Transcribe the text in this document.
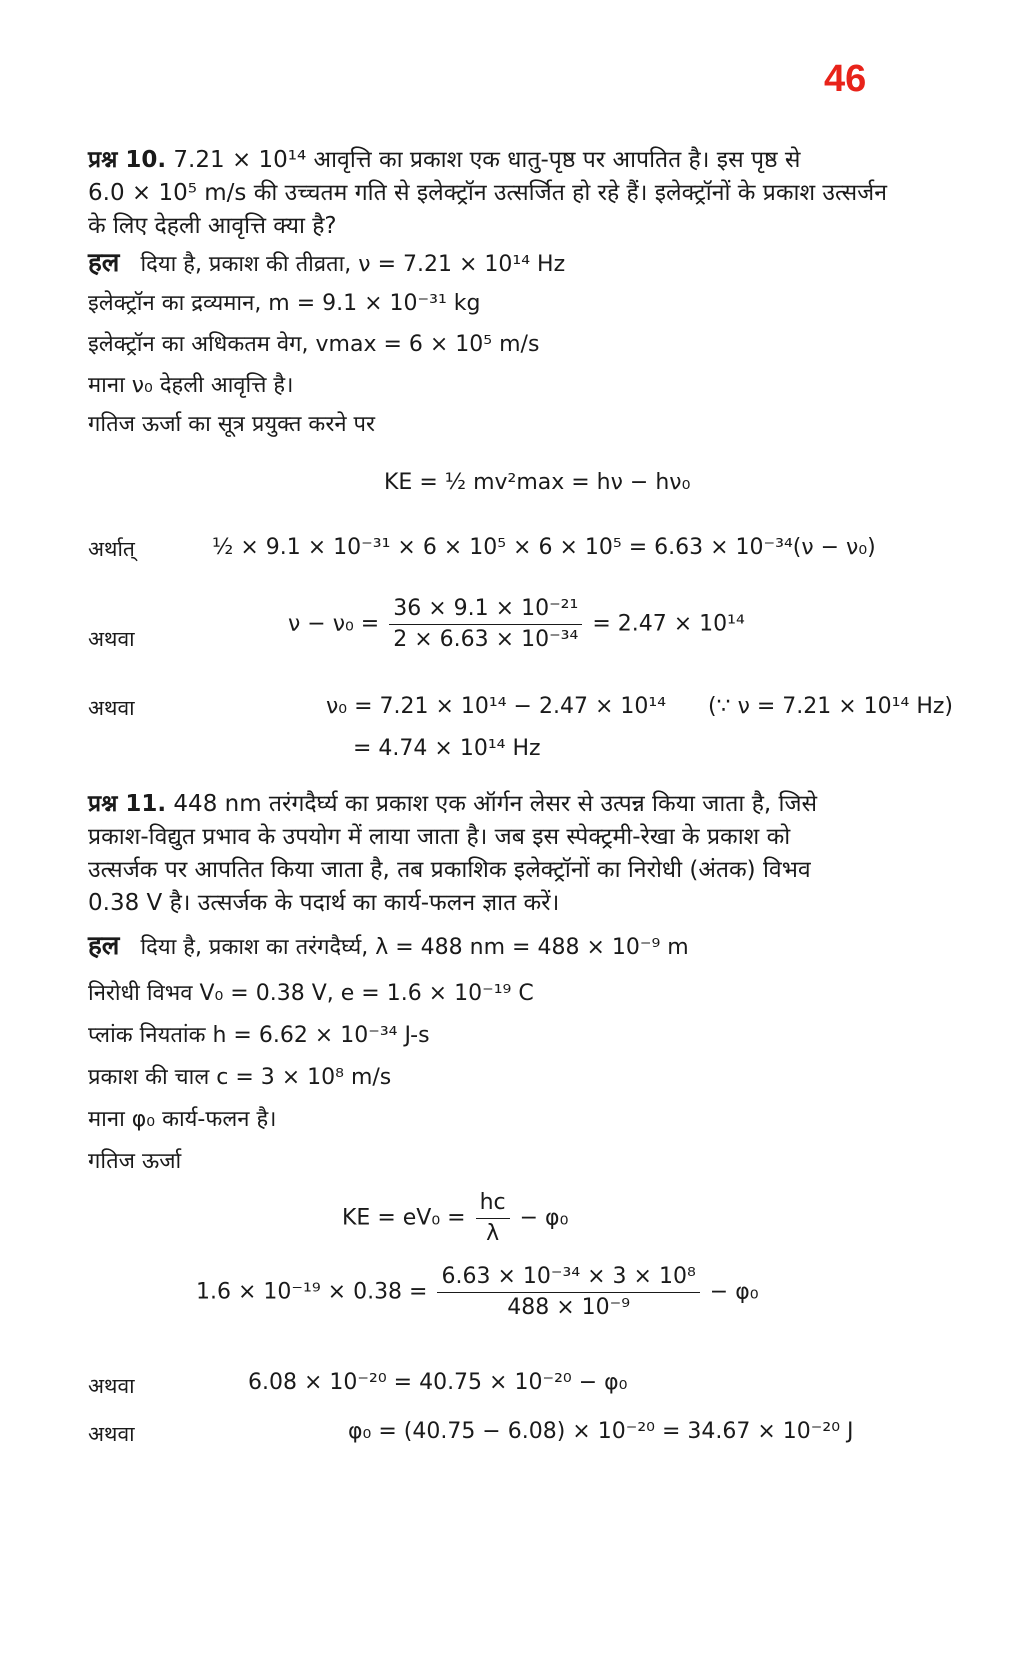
46
प्रश्न 10. 7.21 × 10¹⁴ आवृत्ति का प्रकाश एक धातु-पृष्ठ पर आपतित है। इस पृष्ठ से
6.0 × 10⁵ m/s की उच्चतम गति से इलेक्ट्रॉन उत्सर्जित हो रहे हैं। इलेक्ट्रॉनों के प्रकाश उत्सर्जन
के लिए देहली आवृत्ति क्या है?
हल दिया है, प्रकाश की तीव्रता, ν = 7.21 × 10¹⁴ Hz
इलेक्ट्रॉन का द्रव्यमान, m = 9.1 × 10⁻³¹ kg
इलेक्ट्रॉन का अधिकतम वेग, vmax = 6 × 10⁵ m/s
माना ν₀ देहली आवृत्ति है।
गतिज ऊर्जा का सूत्र प्रयुक्त करने पर
KE = ½ mv²max = hν − hν₀
अर्थात्	½ × 9.1 × 10⁻³¹ × 6 × 10⁵ × 6 × 10⁵ = 6.63 × 10⁻³⁴(ν − ν₀)
अथवा
$\nu - \nu_0 = \frac{\text{36 × 9.1 × 10⁻²¹}}{\text{2 × 6.63 × 10⁻³⁴}} = 2.47 \times 10^{14}$
अथवा	ν₀ = 7.21 × 10¹⁴ − 2.47 × 10¹⁴ (∵ ν = 7.21 × 10¹⁴ Hz)
= 4.74 × 10¹⁴ Hz
प्रश्न 11. 448 nm तरंगदैर्घ्य का प्रकाश एक ऑर्गन लेसर से उत्पन्न किया जाता है, जिसे
प्रकाश-विद्युत प्रभाव के उपयोग में लाया जाता है। जब इस स्पेक्ट्रमी-रेखा के प्रकाश को
उत्सर्जक पर आपतित किया जाता है, तब प्रकाशिक इलेक्ट्रॉनों का निरोधी (अंतक) विभव
0.38 V है। उत्सर्जक के पदार्थ का कार्य-फलन ज्ञात करें।
हल दिया है, प्रकाश का तरंगदैर्घ्य, λ = 488 nm = 488 × 10⁻⁹ m
निरोधी विभव V₀ = 0.38 V, e = 1.6 × 10⁻¹⁹ C
प्लांक नियतांक h = 6.62 × 10⁻³⁴ J-s
प्रकाश की चाल c = 3 × 10⁸ m/s
माना φ₀ कार्य-फलन है।
गतिज ऊर्जा
KE = $eV_0 = \frac{hc}{\lambda} - \varphi_0$
$1.6 \times 10^{-19} \times 0.38 = \frac{\text{6.63 × 10⁻³⁴ × 3 × 10⁸}}{\text{488 × 10⁻⁹}} - \varphi_0$
अथवा	6.08 × 10⁻²⁰ = 40.75 × 10⁻²⁰ − φ₀
अथवा	φ₀ = (40.75 − 6.08) × 10⁻²⁰ = 34.67 × 10⁻²⁰ J
